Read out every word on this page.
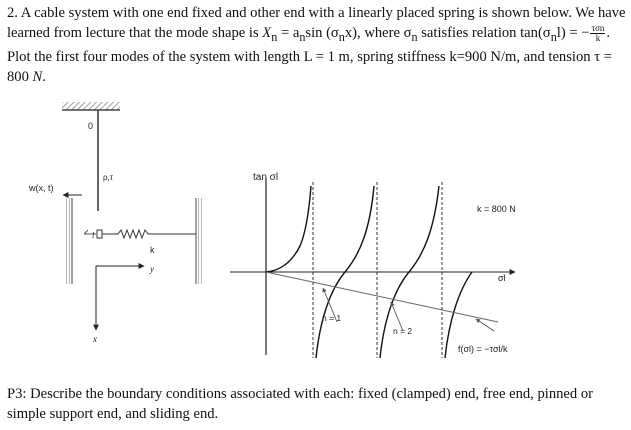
2. A cable system with one end fixed and other end with a linearly placed spring is shown below. We have learned from lecture that the mode shape is $X_n = a_n\sin$ $(\sigma_nx)$, where $\sigma_n$ satisfies relation $\tan(\sigma_nl)$ = − $\frac{\text{τσn}}{k}$ . Plot the first four modes of the system with length L = 1 m, spring stiffness k=900 N/m, and tension τ = 800 N.

0
ρ,τ
w(x, t)
l
k
y
x
tan σl
σl
k = 800 N
n = 1
n = 2
f(σl) = −τσl/k

P3: Describe the boundary conditions associated with each: fixed (clamped) end, free end, pinned or simple support end, and sliding end.
